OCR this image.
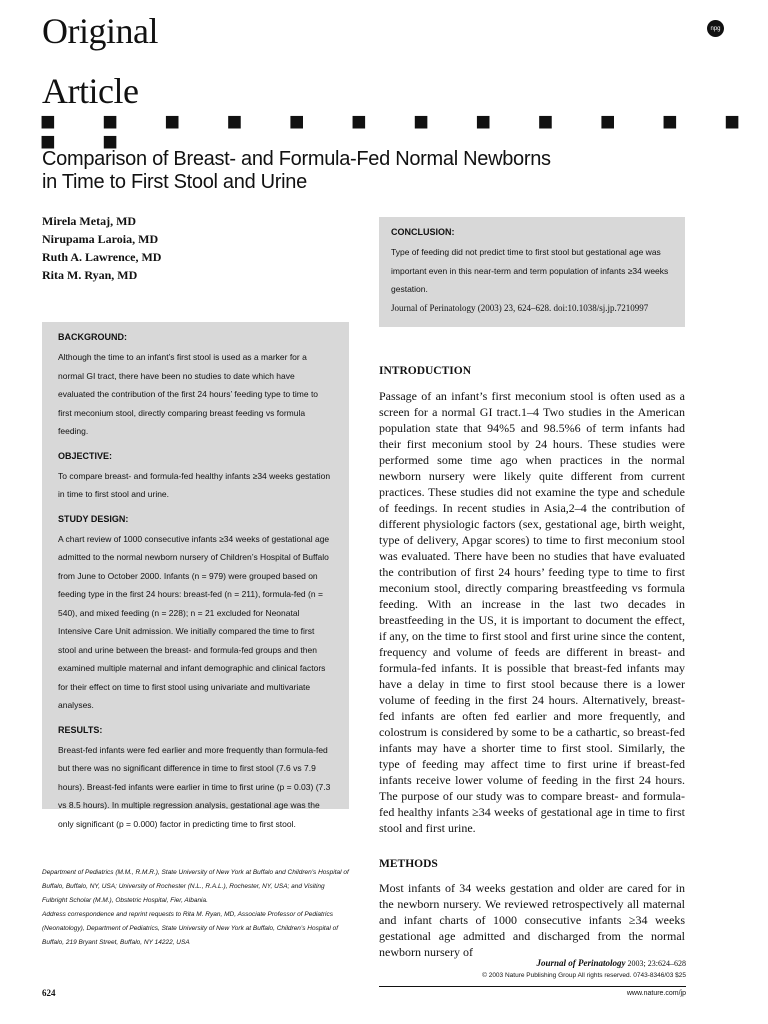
Original
Article
■ ■ ■ ■ ■ ■ ■ ■ ■ ■ ■ ■ ■ ■
npg
Comparison of Breast- and Formula-Fed Normal Newborns
in Time to First Stool and Urine
Mirela Metaj, MD
Nirupama Laroia, MD
Ruth A. Lawrence, MD
Rita M. Ryan, MD
CONCLUSION:
Type of feeding did not predict time to first stool but gestational age was important even in this near-term and term population of infants ≥34 weeks gestation.
Journal of Perinatology (2003) 23, 624–628. doi:10.1038/sj.jp.7210997
BACKGROUND:
Although the time to an infant’s first stool is used as a marker for a normal GI tract, there have been no studies to date which have evaluated the contribution of the first 24 hours’ feeding type to time to first meconium stool, directly comparing breast feeding vs formula feeding.
OBJECTIVE:
To compare breast- and formula-fed healthy infants ≥34 weeks gestation in time to first stool and urine.
STUDY DESIGN:
A chart review of 1000 consecutive infants ≥34 weeks of gestational age admitted to the normal newborn nursery of Children’s Hospital of Buffalo from June to October 2000. Infants (n = 979) were grouped based on feeding type in the first 24 hours: breast-fed (n = 211), formula-fed (n = 540), and mixed feeding (n = 228); n = 21 excluded for Neonatal Intensive Care Unit admission. We initially compared the time to first stool and urine between the breast- and formula-fed groups and then examined multiple maternal and infant demographic and clinical factors for their effect on time to first stool using univariate and multivariate analyses.
RESULTS:
Breast-fed infants were fed earlier and more frequently than formula-fed but there was no significant difference in time to first stool (7.6 vs 7.9 hours). Breast-fed infants were earlier in time to first urine (p = 0.03) (7.3 vs 8.5 hours). In multiple regression analysis, gestational age was the only significant (p = 0.000) factor in predicting time to first stool.
INTRODUCTION
Passage of an infant’s first meconium stool is often used as a screen for a normal GI tract.1–4 Two studies in the American population state that 94%5 and 98.5%6 of term infants had their first meconium stool by 24 hours. These studies were performed some time ago when practices in the normal newborn nursery were likely quite different from current practices. These studies did not examine the type and schedule of feedings. In recent studies in Asia,2–4 the contribution of different physiologic factors (sex, gestational age, birth weight, type of delivery, Apgar scores) to time to first meconium stool was evaluated. There have been no studies that have evaluated the contribution of first 24 hours’ feeding type to time to first meconium stool, directly comparing breastfeeding vs formula feeding. With an increase in the last two decades in breastfeeding in the US, it is important to document the effect, if any, on the time to first stool and first urine since the content, frequency and volume of feeds are different in breast- and formula-fed infants. It is possible that breast-fed infants may have a delay in time to first stool because there is a lower volume of feeding in the first 24 hours. Alternatively, breast-fed infants are often fed earlier and more frequently, and colostrum is considered by some to be a cathartic, so breast-fed infants may have a shorter time to first stool. Similarly, the type of feeding may affect time to first urine if breast-fed infants receive lower volume of feeding in the first 24 hours. The purpose of our study was to compare breast- and formula-fed healthy infants ≥34 weeks of gestational age in time to first stool and first urine.
METHODS
Most infants of 34 weeks gestation and older are cared for in the newborn nursery. We reviewed retrospectively all maternal and infant charts of 1000 consecutive infants ≥34 weeks gestational age admitted and discharged from the normal newborn nursery of
Department of Pediatrics (M.M., R.M.R.), State University of New York at Buffalo and Children’s Hospital of Buffalo, Buffalo, NY, USA; University of Rochester (N.L., R.A.L.), Rochester, NY, USA; and Visiting Fulbright Scholar (M.M.), Obstetric Hospital, Fier, Albania.
Address correspondence and reprint requests to Rita M. Ryan, MD, Associate Professor of Pediatrics (Neonatology), Department of Pediatrics, State University of New York at Buffalo, Children’s Hospital of Buffalo, 219 Bryant Street, Buffalo, NY 14222, USA
Journal of Perinatology 2003; 23:624–628
© 2003 Nature Publishing Group All rights reserved. 0743-8346/03 $25
624	www.nature.com/jp
